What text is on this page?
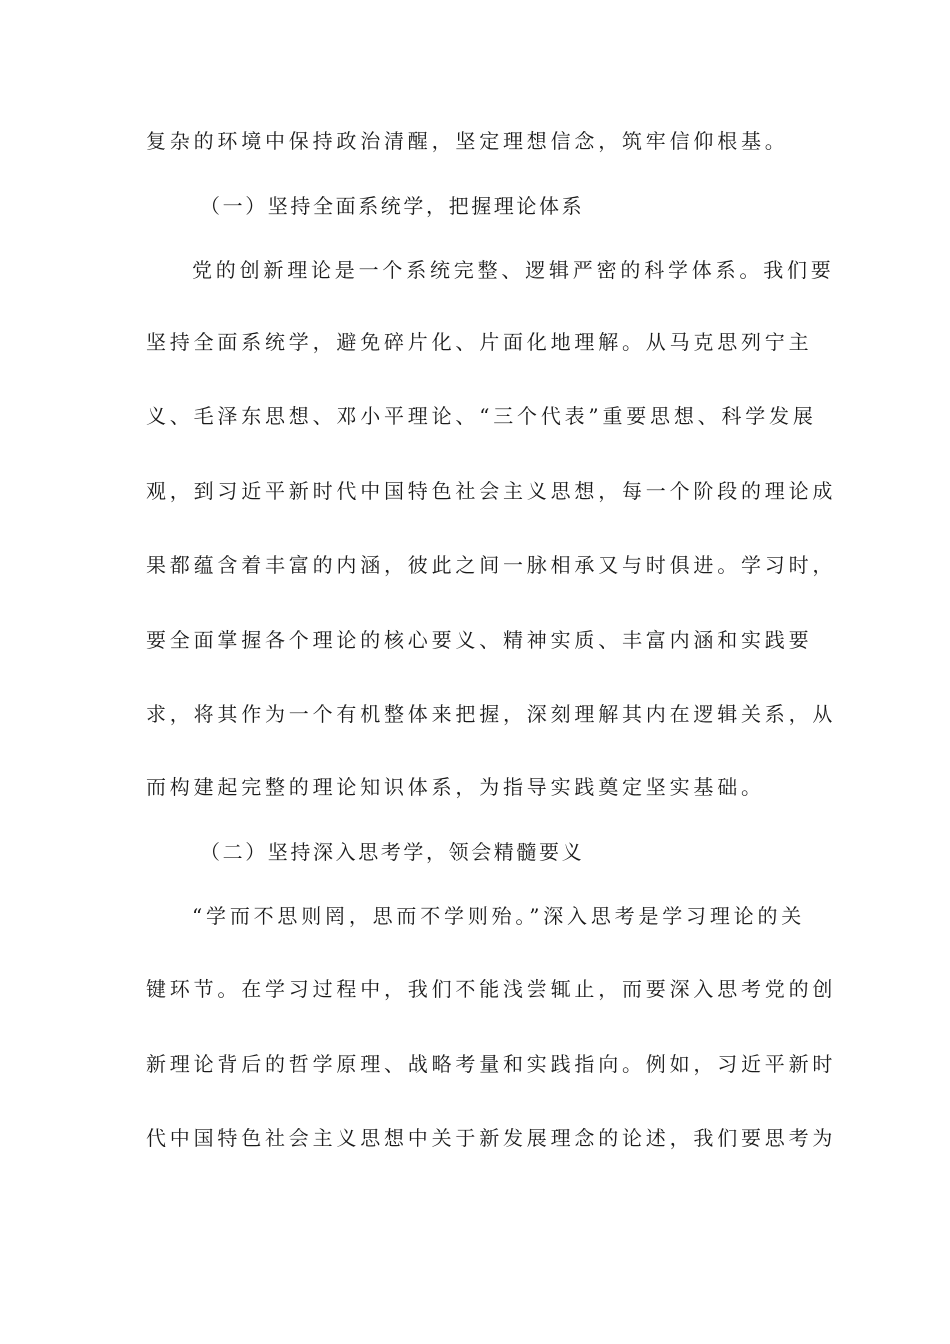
复杂的环境中保持政治清醒，坚定理想信念，筑牢信仰根基。

（一）坚持全面系统学，把握理论体系

党的创新理论是一个系统完整、逻辑严密的科学体系。我们要

坚持全面系统学，避免碎片化、片面化地理解。从马克思列宁主

义、毛泽东思想、邓小平理论、“三个代表”重要思想、科学发展

观，到习近平新时代中国特色社会主义思想，每一个阶段的理论成

果都蕴含着丰富的内涵，彼此之间一脉相承又与时俱进。学习时，

要全面掌握各个理论的核心要义、精神实质、丰富内涵和实践要

求，将其作为一个有机整体来把握，深刻理解其内在逻辑关系，从

而构建起完整的理论知识体系，为指导实践奠定坚实基础。

（二）坚持深入思考学，领会精髓要义

“学而不思则罔，思而不学则殆。”深入思考是学习理论的关

键环节。在学习过程中，我们不能浅尝辄止，而要深入思考党的创

新理论背后的哲学原理、战略考量和实践指向。例如，习近平新时

代中国特色社会主义思想中关于新发展理念的论述，我们要思考为
